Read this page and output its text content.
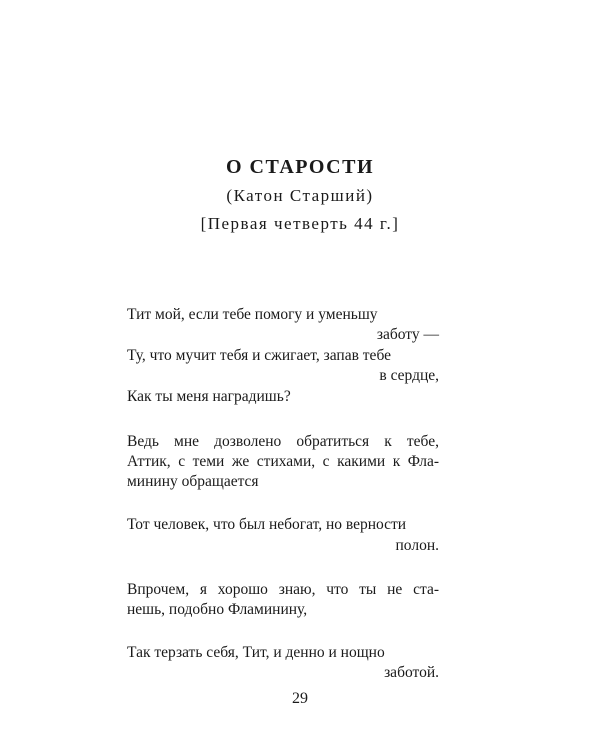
О СТАРОСТИ
(Катон Старший)
[Первая четверть 44 г.]
Тит мой, если тебе помогу и уменьшу
заботу —
Ту, что мучит тебя и сжигает, запав тебе
в сердце,
Как ты меня наградишь?
Ведь мне дозволено обратиться к тебе,
Аттик, с теми же стихами, с какими к Фла-
минину обращается
Тот человек, что был небогат, но верности
полон.
Впрочем, я хорошо знаю, что ты не ста-
нешь, подобно Фламинину,
Так терзать себя, Тит, и денно и нощно
заботой.
29
